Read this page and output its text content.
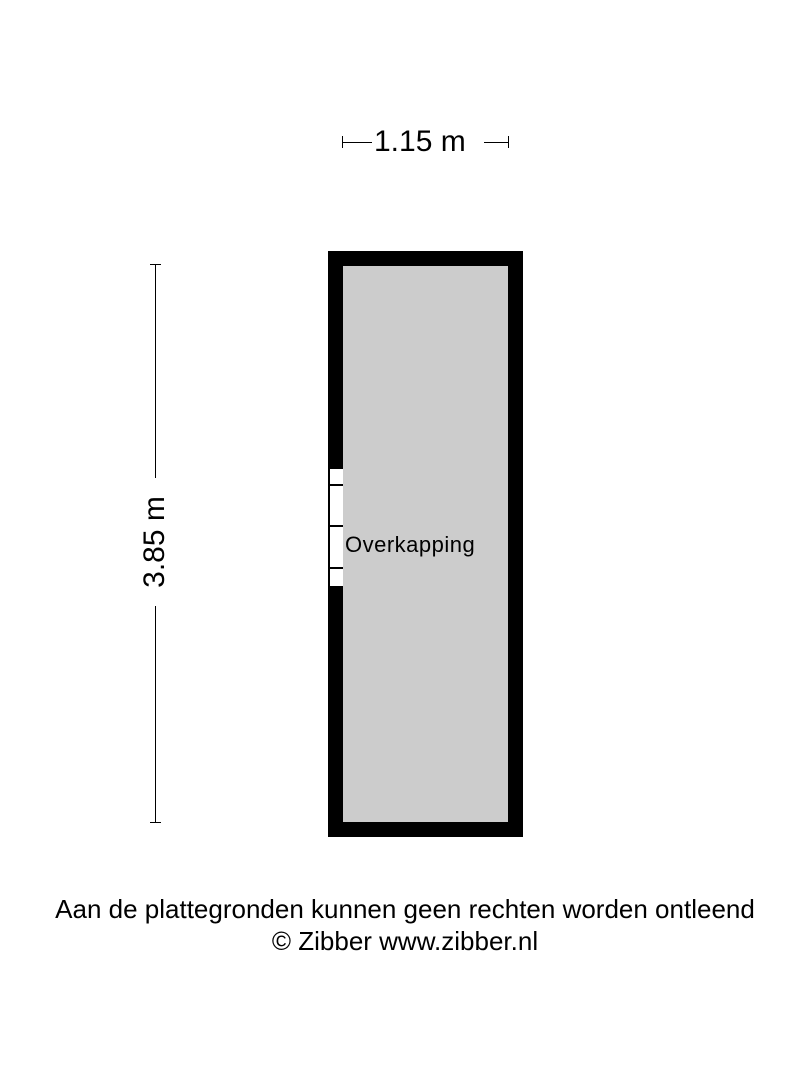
1.15 m
3.85 m	Overkapping
Aan de plattegronden kunnen geen rechten worden ontleend
© Zibber www.zibber.nl
